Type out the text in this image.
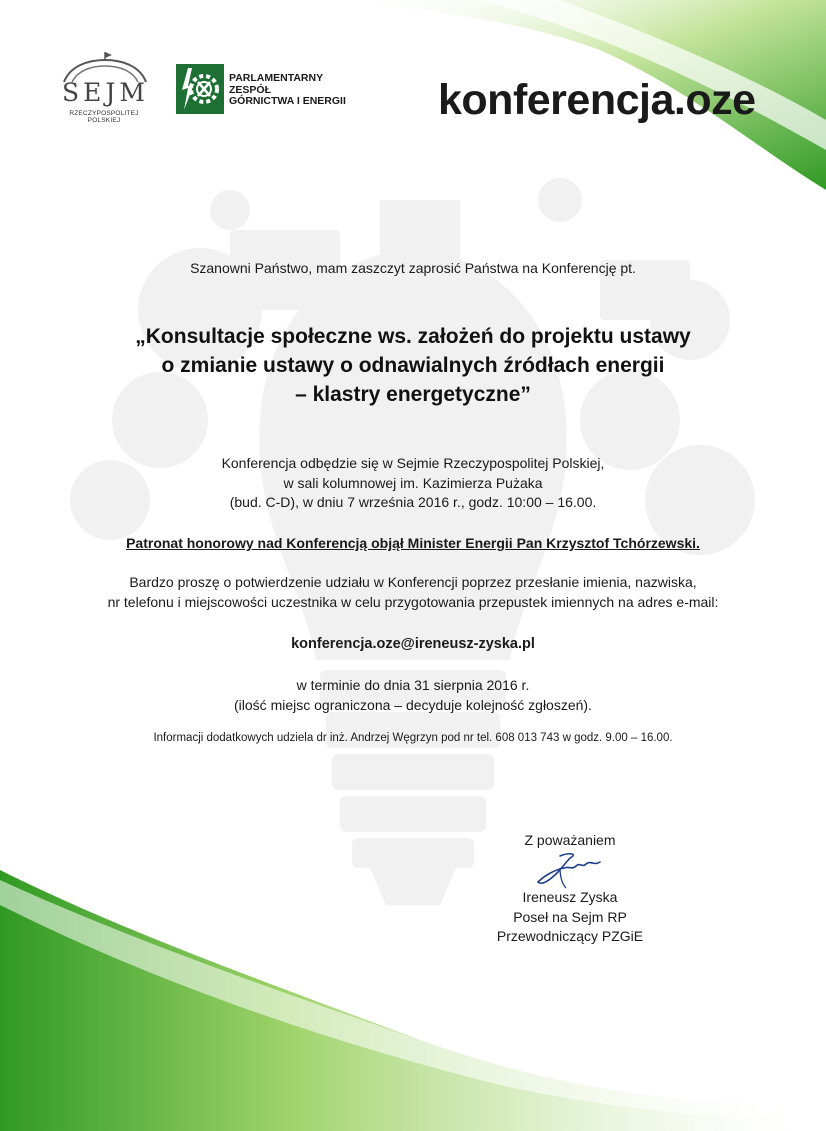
SEJM
RZECZYPOSPOLITEJ POLSKIEJ
PARLAMENTARNY
ZESPÓŁ
GÓRNICTWA I ENERGII	konferencja.oze
Szanowni Państwo, mam zaszczyt zaprosić Państwa na Konferencję pt.
„Konsultacje społeczne ws. założeń do projektu ustawy
o zmianie ustawy o odnawialnych źródłach energii
– klastry energetyczne”
Konferencja odbędzie się w Sejmie Rzeczypospolitej Polskiej,
w sali kolumnowej im. Kazimierza Pużaka
(bud. C-D), w dniu 7 września 2016 r., godz. 10:00 – 16.00.
Patronat honorowy nad Konferencją objął Minister Energii Pan Krzysztof Tchórzewski.
Bardzo proszę o potwierdzenie udziału w Konferencji poprzez przesłanie imienia, nazwiska,
nr telefonu i miejscowości uczestnika w celu przygotowania przepustek imiennych na adres e-mail:
konferencja.oze@ireneusz-zyska.pl
w terminie do dnia 31 sierpnia 2016 r.
(ilość miejsc ograniczona – decyduje kolejność zgłoszeń).
Informacji dodatkowych udziela dr inż. Andrzej Węgrzyn pod nr tel. 608 013 743 w godz. 9.00 – 16.00.
Z poważaniem
Ireneusz Zyska
Poseł na Sejm RP
Przewodniczący PZGiE
